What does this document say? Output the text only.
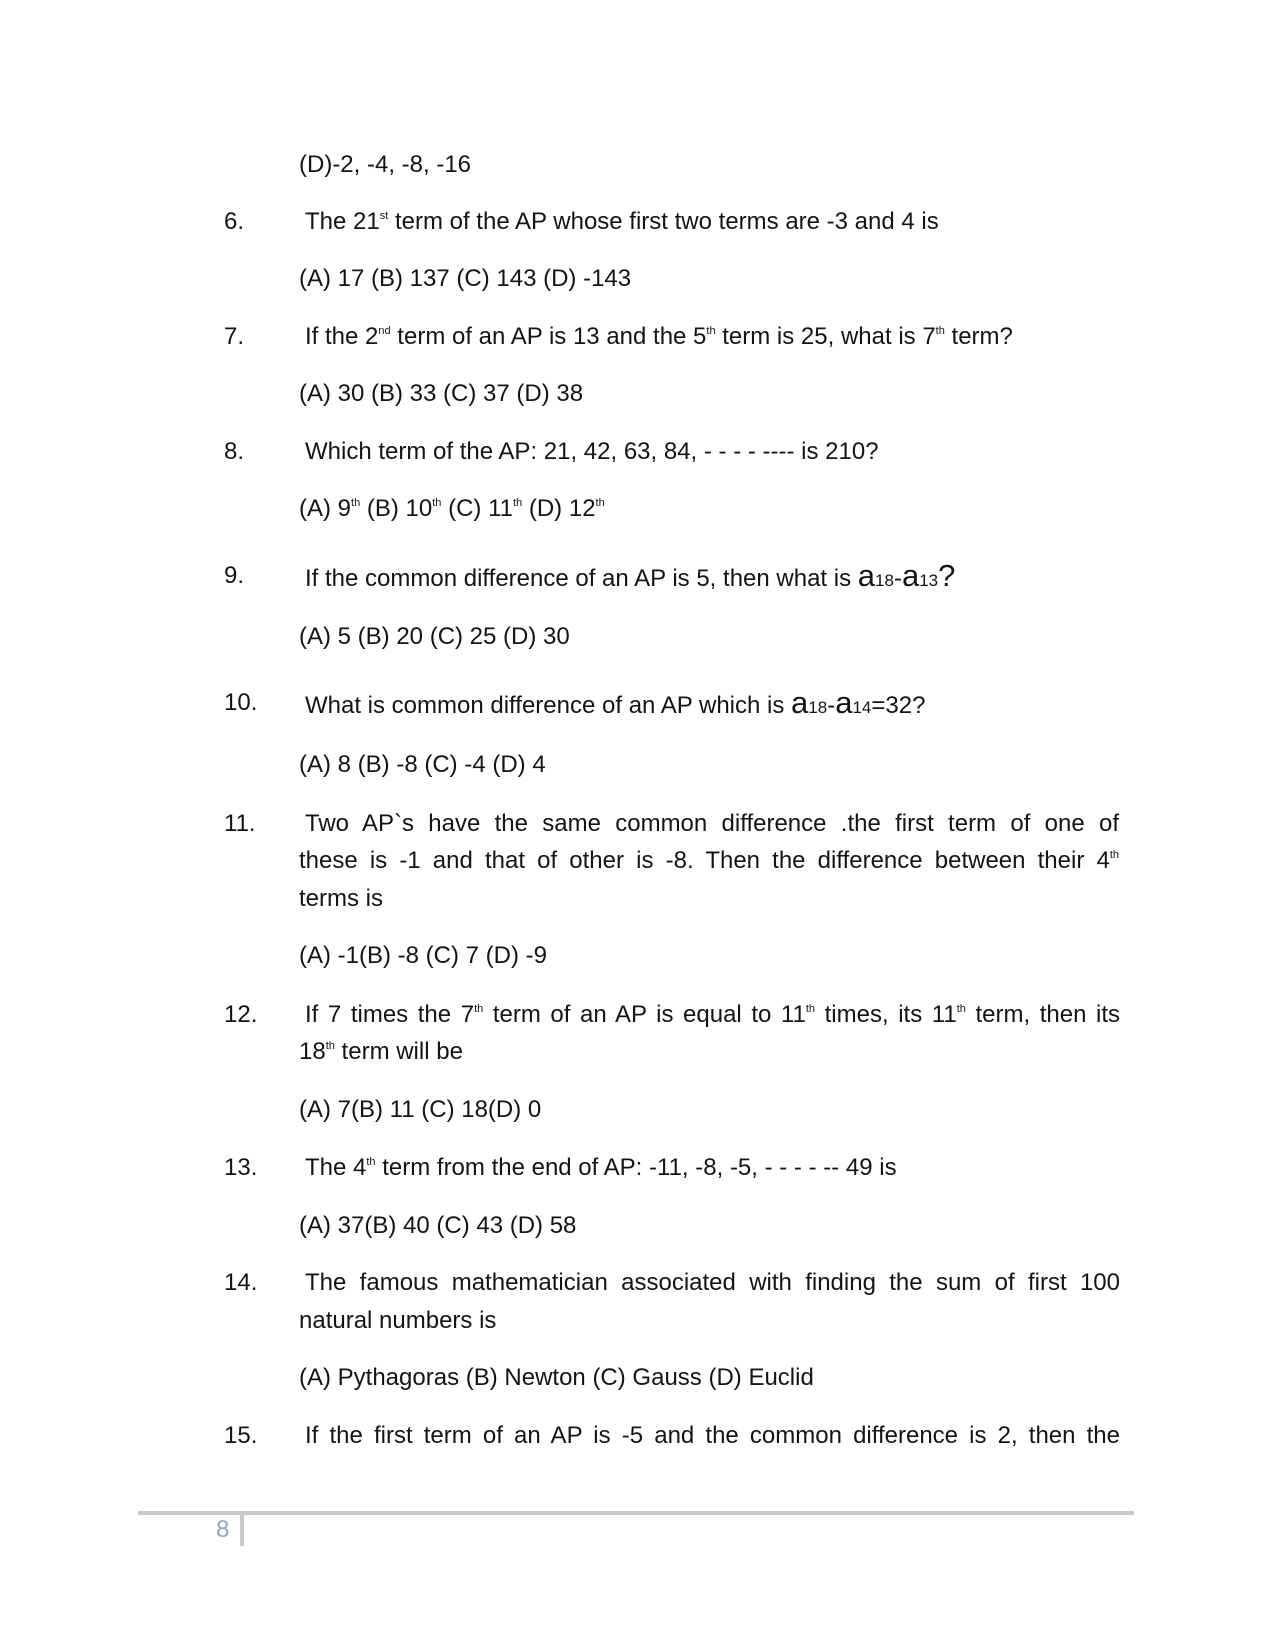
(D)-2, -4, -8, -16
6.	The 21st term of the AP whose first two terms are -3 and 4 is
(A) 17 (B) 137 (C) 143 (D) -143
7.	If the 2nd term of an AP is 13 and the 5th term is 25, what is 7th term?
(A) 30 (B) 33 (C) 37 (D) 38
8.	Which term of the AP: 21, 42, 63, 84, - - - - ---- is 210?
(A) 9th (B) 10th (C) 11th (D) 12th
9.	If the common difference of an AP is 5, then what is a18-a13?
(A) 5 (B) 20 (C) 25 (D) 30
10. What is common difference of an AP which is a18-a14=32?
(A) 8 (B) -8 (C) -4 (D) 4
11. Two AP`s have the same common difference .the first term of one of
these is -1 and that of other is -8. Then the difference between their 4th
terms is
(A) -1(B) -8 (C) 7 (D) -9
12. If 7 times the 7th term of an AP is equal to 11th times, its 11th term, then its
18th term will be
(A) 7(B) 11 (C) 18(D) 0
13. The 4th term from the end of AP: -11, -8, -5, - - - - -- 49 is
(A) 37(B) 40 (C) 43 (D) 58
14. The famous mathematician associated with finding the sum of first 100
natural numbers is
(A) Pythagoras (B) Newton (C) Gauss (D) Euclid
15. If the first term of an AP is -5 and the common difference is 2, then the
8
